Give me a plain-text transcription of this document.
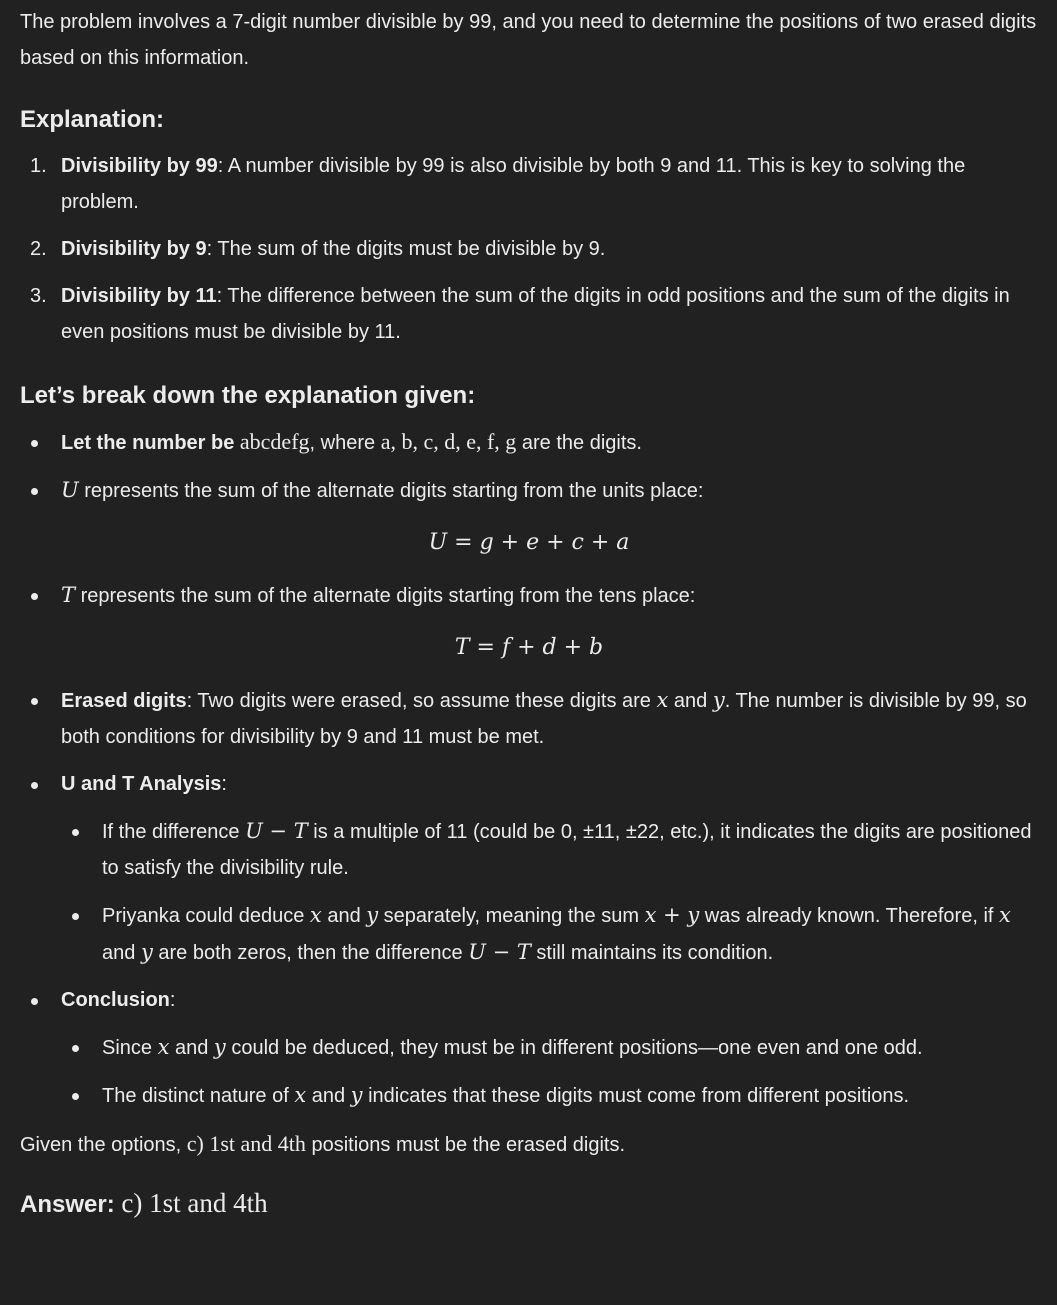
The problem involves a 7-digit number divisible by 99, and you need to determine the positions of two erased digits based on this information.

Explanation:
1. Divisibility by 99: A number divisible by 99 is also divisible by both 9 and 11. This is key to solving the problem.
2. Divisibility by 9: The sum of the digits must be divisible by 9.
3. Divisibility by 11: The difference between the sum of the digits in odd positions and the sum of the digits in even positions must be divisible by 11.
Let’s break down the explanation given:
Let the number be abcdefg, where a, b, c, d, e, f, g are the digits.
U represents the sum of the alternate digits starting from the units place:
U = g + e + c + a
T represents the sum of the alternate digits starting from the tens place:
T = f + d + b
Erased digits: Two digits were erased, so assume these digits are x and y. The number is divisible by 99, so both conditions for divisibility by 9 and 11 must be met.
U and T Analysis:
If the difference U − T is a multiple of 11 (could be 0, ±11, ±22, etc.), it indicates the digits are positioned to satisfy the divisibility rule.
Priyanka could deduce x and y separately, meaning the sum x + y was already known. Therefore, if x and y are both zeros, then the difference U − T still maintains its condition.
Conclusion:
Since x and y could be deduced, they must be in different positions—one even and one odd.
The distinct nature of x and y indicates that these digits must come from different positions.

Given the options, c) 1st and 4th positions must be the erased digits.

Answer: c) 1st and 4th
